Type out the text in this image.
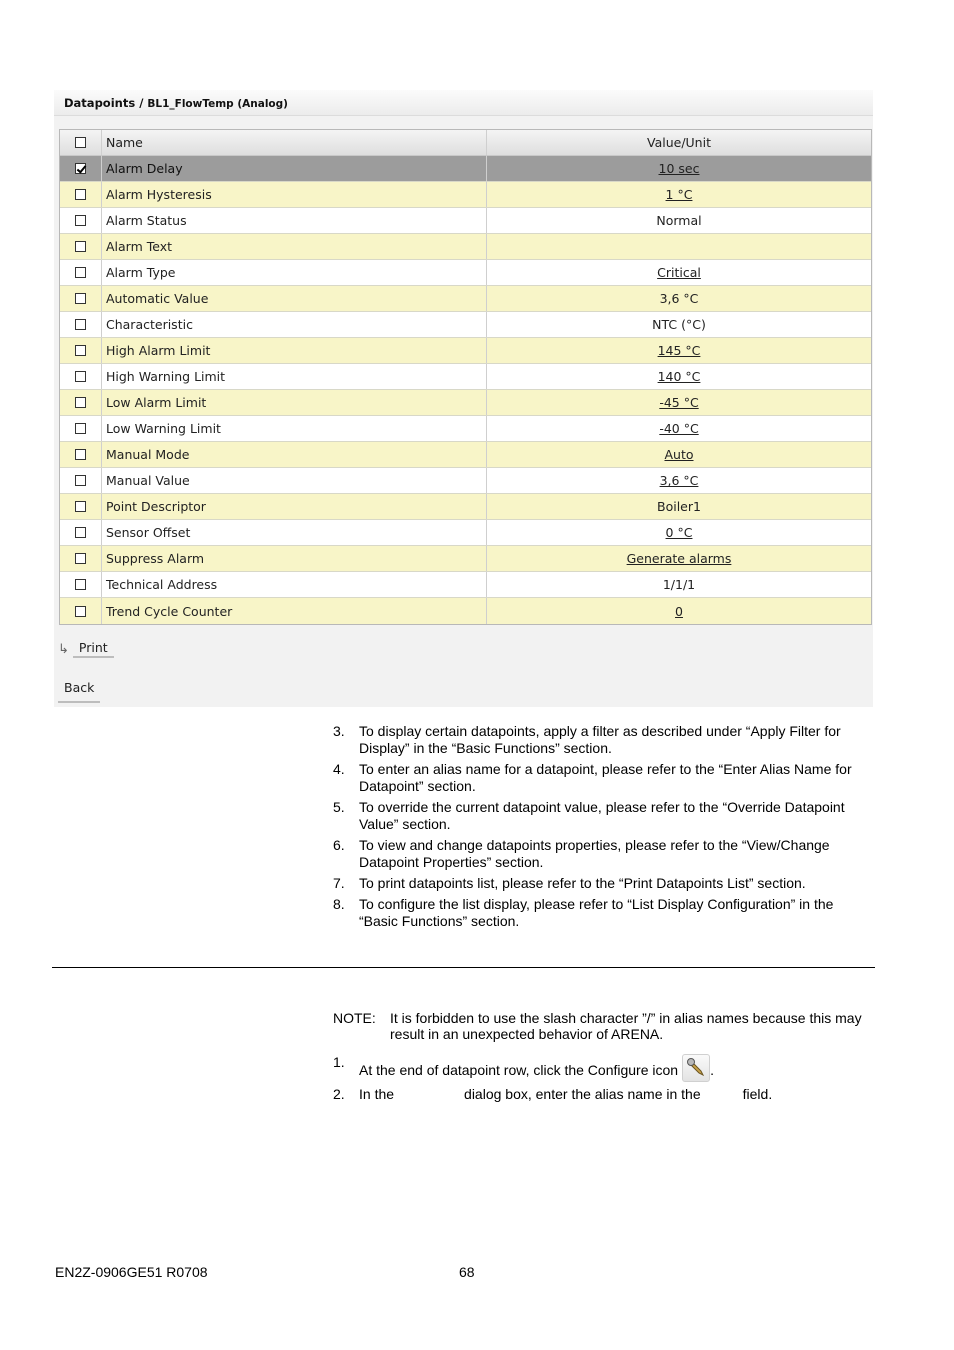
Datapoints / BL1_FlowTemp (Analog)
Name	Value/Unit
Alarm Delay	10 sec
Alarm Hysteresis	1 °C
Alarm Status	Normal
Alarm Text
Alarm Type	Critical
Automatic Value	3,6 °C
Characteristic	NTC (°C)
High Alarm Limit	145 °C
High Warning Limit	140 °C
Low Alarm Limit	-45 °C
Low Warning Limit	-40 °C
Manual Mode	Auto
Manual Value	3,6 °C
Point Descriptor	Boiler1
Sensor Offset	0 °C
Suppress Alarm	Generate alarms
Technical Address	1/1/1
Trend Cycle Counter	0
↳ Print
Back
3.	To display certain datapoints, apply a filter as described under “Apply Filter for Display” in the “Basic Functions” section.
4.	To enter an alias name for a datapoint, please refer to the “Enter Alias Name for Datapoint” section.
5.	To override the current datapoint value, please refer to the “Override Datapoint Value” section.
6.	To view and change datapoints properties, please refer to the “View/Change Datapoint Properties” section.
7.	To print datapoints list, please refer to the “Print Datapoints List” section.
8.	To configure the list display, please refer to “List Display Configuration” in the “Basic Functions” section.
NOTE:	It is forbidden to use the slash character ”/” in alias names because this may result in an unexpected behavior of ARENA.
1.	At the end of datapoint row, click the Configure icon .
2.	In the	dialog box, enter the alias name in the	field.
EN2Z-0906GE51 R0708	68
